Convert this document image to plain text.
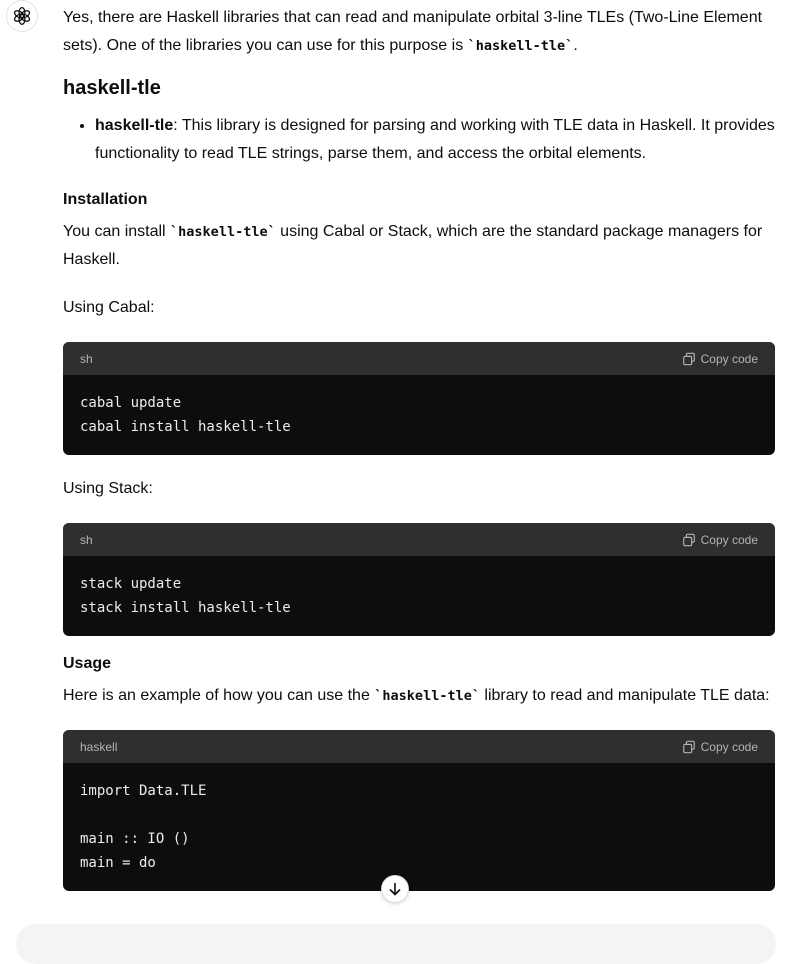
Yes, there are Haskell libraries that can read and manipulate orbital 3-line TLEs (Two-Line Element sets). One of the libraries you can use for this purpose is `haskell-tle`.

haskell-tle
• haskell-tle: This library is designed for parsing and working with TLE data in Haskell. It provides functionality to read TLE strings, parse them, and access the orbital elements.
Installation

You can install `haskell-tle` using Cabal or Stack, which are the standard package managers for Haskell.

Using Cabal:

sh	Copy code
cabal update
cabal install haskell-tle

Using Stack:

sh	Copy code
stack update
stack install haskell-tle
Usage

Here is an example of how you can use the `haskell-tle` library to read and manipulate TLE data:

haskell	Copy code
import Data.TLE

main :: IO ()
main = do
